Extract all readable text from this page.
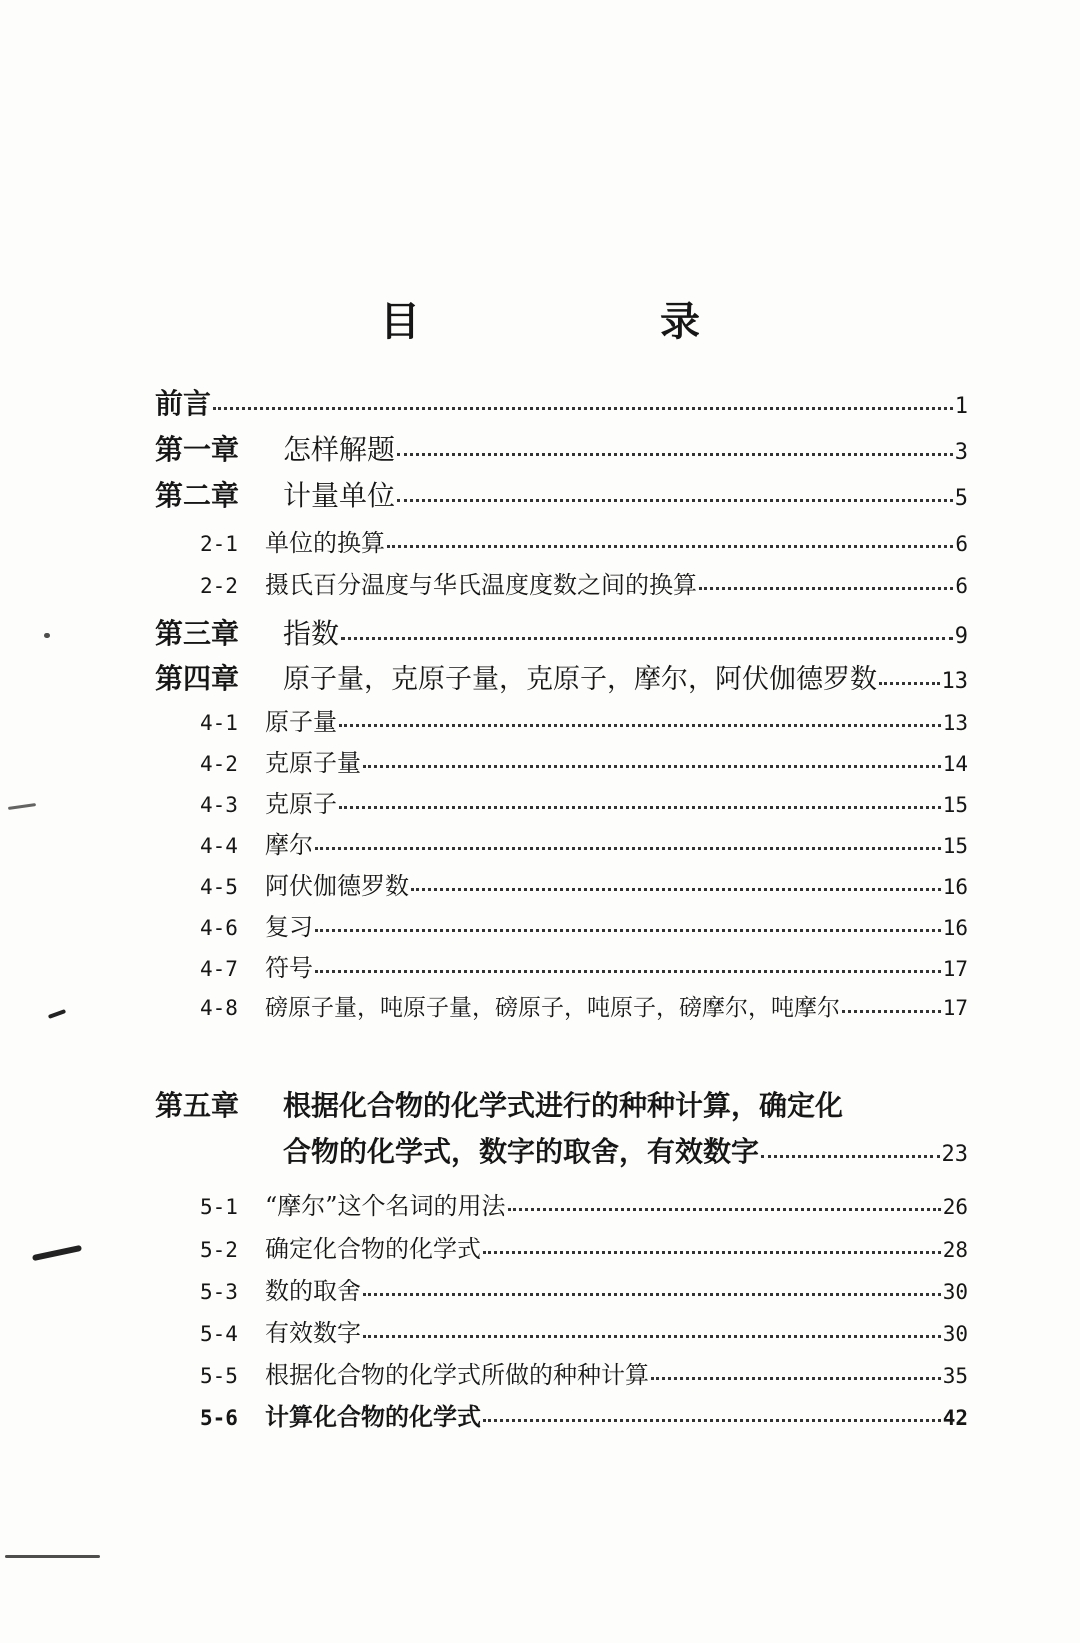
目　录
前言	1
第一章	怎样解题	3
第二章	计量单位	5
2-1	单位的换算	6
2-2	摄氏百分温度与华氏温度度数之间的换算	6
第三章	指数	9
第四章	原子量，克原子量，克原子，摩尔，阿伏伽德罗数	13
4-1	原子量	13
4-2	克原子量	14
4-3	克原子	15
4-4	摩尔	15
4-5	阿伏伽德罗数	16
4-6	复习	16
4-7	符号	17
4-8	磅原子量，吨原子量，磅原子，吨原子，磅摩尔，吨摩尔	17
第五章	根据化合物的化学式进行的种种计算，确定化
合物的化学式，数字的取舍，有效数字	23
5-1	“摩尔”这个名词的用法	26
5-2	确定化合物的化学式	28
5-3	数的取舍	30
5-4	有效数字	30
5-5	根据化合物的化学式所做的种种计算	35
5-6	计算化合物的化学式	42
